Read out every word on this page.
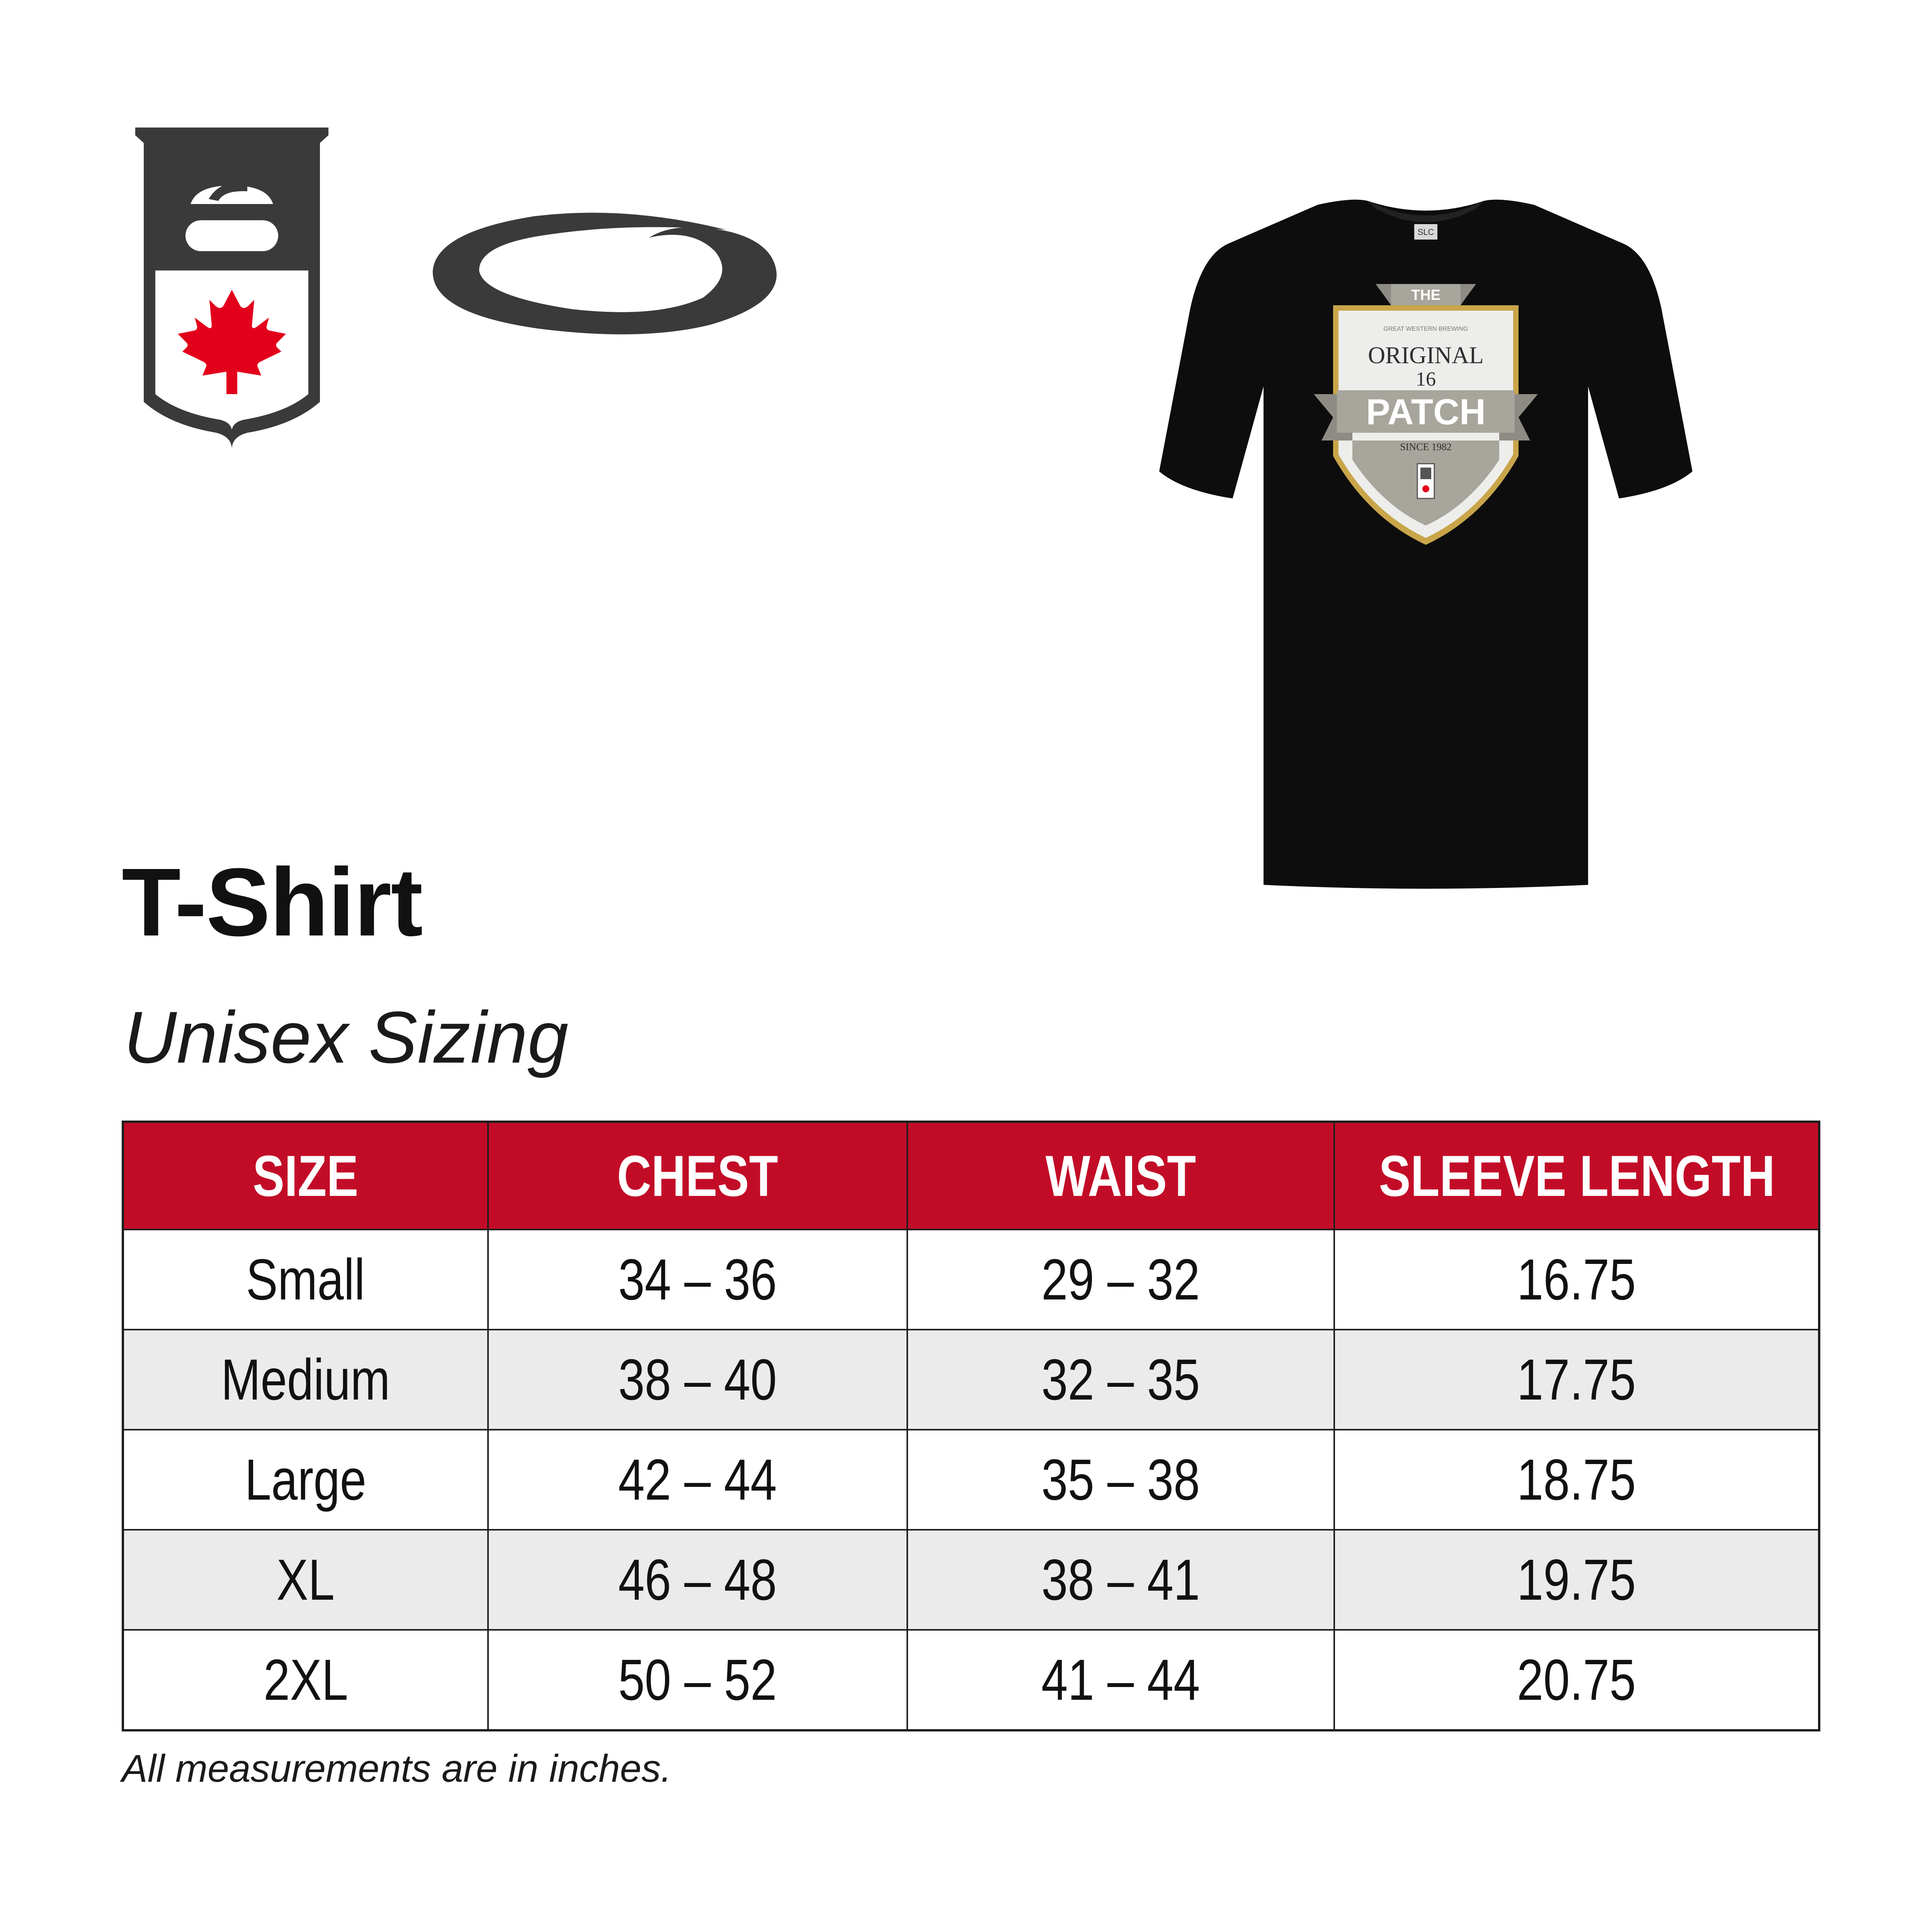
SLC
THE
GREAT WESTERN BREWING
ORIGINAL
16
PATCH
SINCE 1982
T-Shirt
Unisex Sizing
SIZE	CHEST	WAIST	SLEEVE LENGTH
Small	34 – 36	29 – 32	16.75
Medium	38 – 40	32 – 35	17.75
Large	42 – 44	35 – 38	18.75
XL	46 – 48	38 – 41	19.75
2XL	50 – 52	41 – 44	20.75

All measurements are in inches.
